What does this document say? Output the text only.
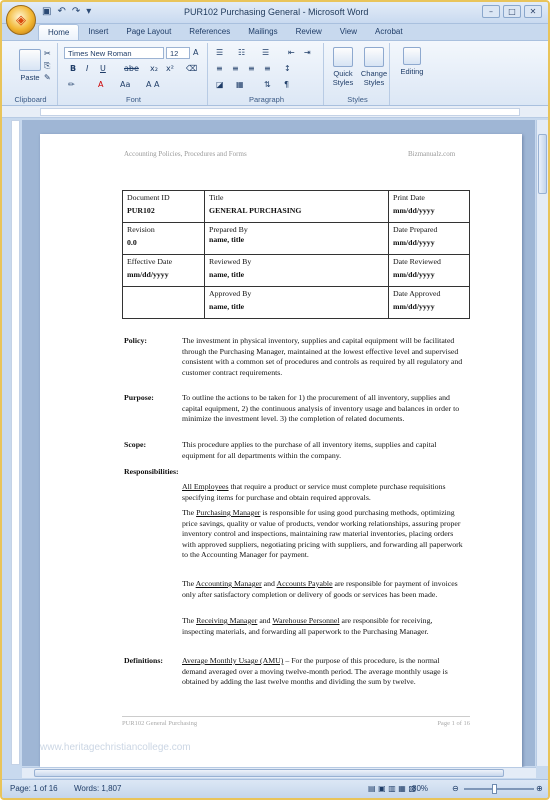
▣ ↶ ↷ ▾	PUR102 Purchasing General - Microsoft Word	–	□	✕
◈
Home	Insert	Page Layout	References	Mailings	Review	View	Acrobat
Paste
✂
⎘
✎
Clipboard
Times New Roman	12	A
B I U abe x₂ x² ⌫
✏	A Aa A A
Font
☰ ☷ ☰ ⇤ ⇥
≡ ≡ ≡ ≡ ↕
◪ ▦	⇅ ¶
Paragraph
Quick Styles
Change Styles
Styles
Editing
Accounting Policies, Procedures and Forms	Bizmanualz.com
Document ID
PUR102	Title
GENERAL PURCHASING	Print Date
mm/dd/yyyy

Revision
0.0	Prepared By
name, title	Date Prepared
mm/dd/yyyy

Effective Date
mm/dd/yyyy	Reviewed By
name, title	Date Reviewed
mm/dd/yyyy

	Approved By
name, title	Date Approved
mm/dd/yyyy
Policy:	The investment in physical inventory, supplies and capital equipment will be facilitated through the Purchasing Manager, maintained at the lowest effective level and supervised consistent with a common set of procedures and controls as required by all regulatory and customer contract requirements.
Purpose:	To outline the actions to be taken for 1) the procurement of all inventory, supplies and capital equipment, 2) the continuous analysis of inventory usage and balances in order to minimize the investment level. 3) the completion of related documents.
Scope:	This procedure applies to the purchase of all inventory items, supplies and capital equipment for all departments within the company.
Responsibilities:
All Employees that require a product or service must complete purchase requisitions specifying items for purchase and obtain required approvals.
The Purchasing Manager is responsible for using good purchasing methods, optimizing price savings, quality or value of products, vendor working relationships, assuring proper inventory control and inspections, maintaining raw material inventories, placing orders with approved suppliers, negotiating pricing with suppliers, and forwarding all paperwork to the Accounting Manager for payment.
The Accounting Manager and Accounts Payable are responsible for payment of invoices only after satisfactory completion or delivery of goods or services has been made.
The Receiving Manager and Warehouse Personnel are responsible for receiving, inspecting materials, and forwarding all paperwork to the Purchasing Manager.
Definitions: Average Monthly Usage (AMU) – For the purpose of this procedure, is the normal demand averaged over a moving twelve-month period. The average monthly usage is obtained by adding the last twelve months and dividing the sum by twelve.
PUR102 General Purchasing	Page 1 of 16
www.heritagechristiancollege.com
Page: 1 of 16 Words: 1,807	▤ ▣ ▥ ▦ ▧
80%	⊖	⊕
